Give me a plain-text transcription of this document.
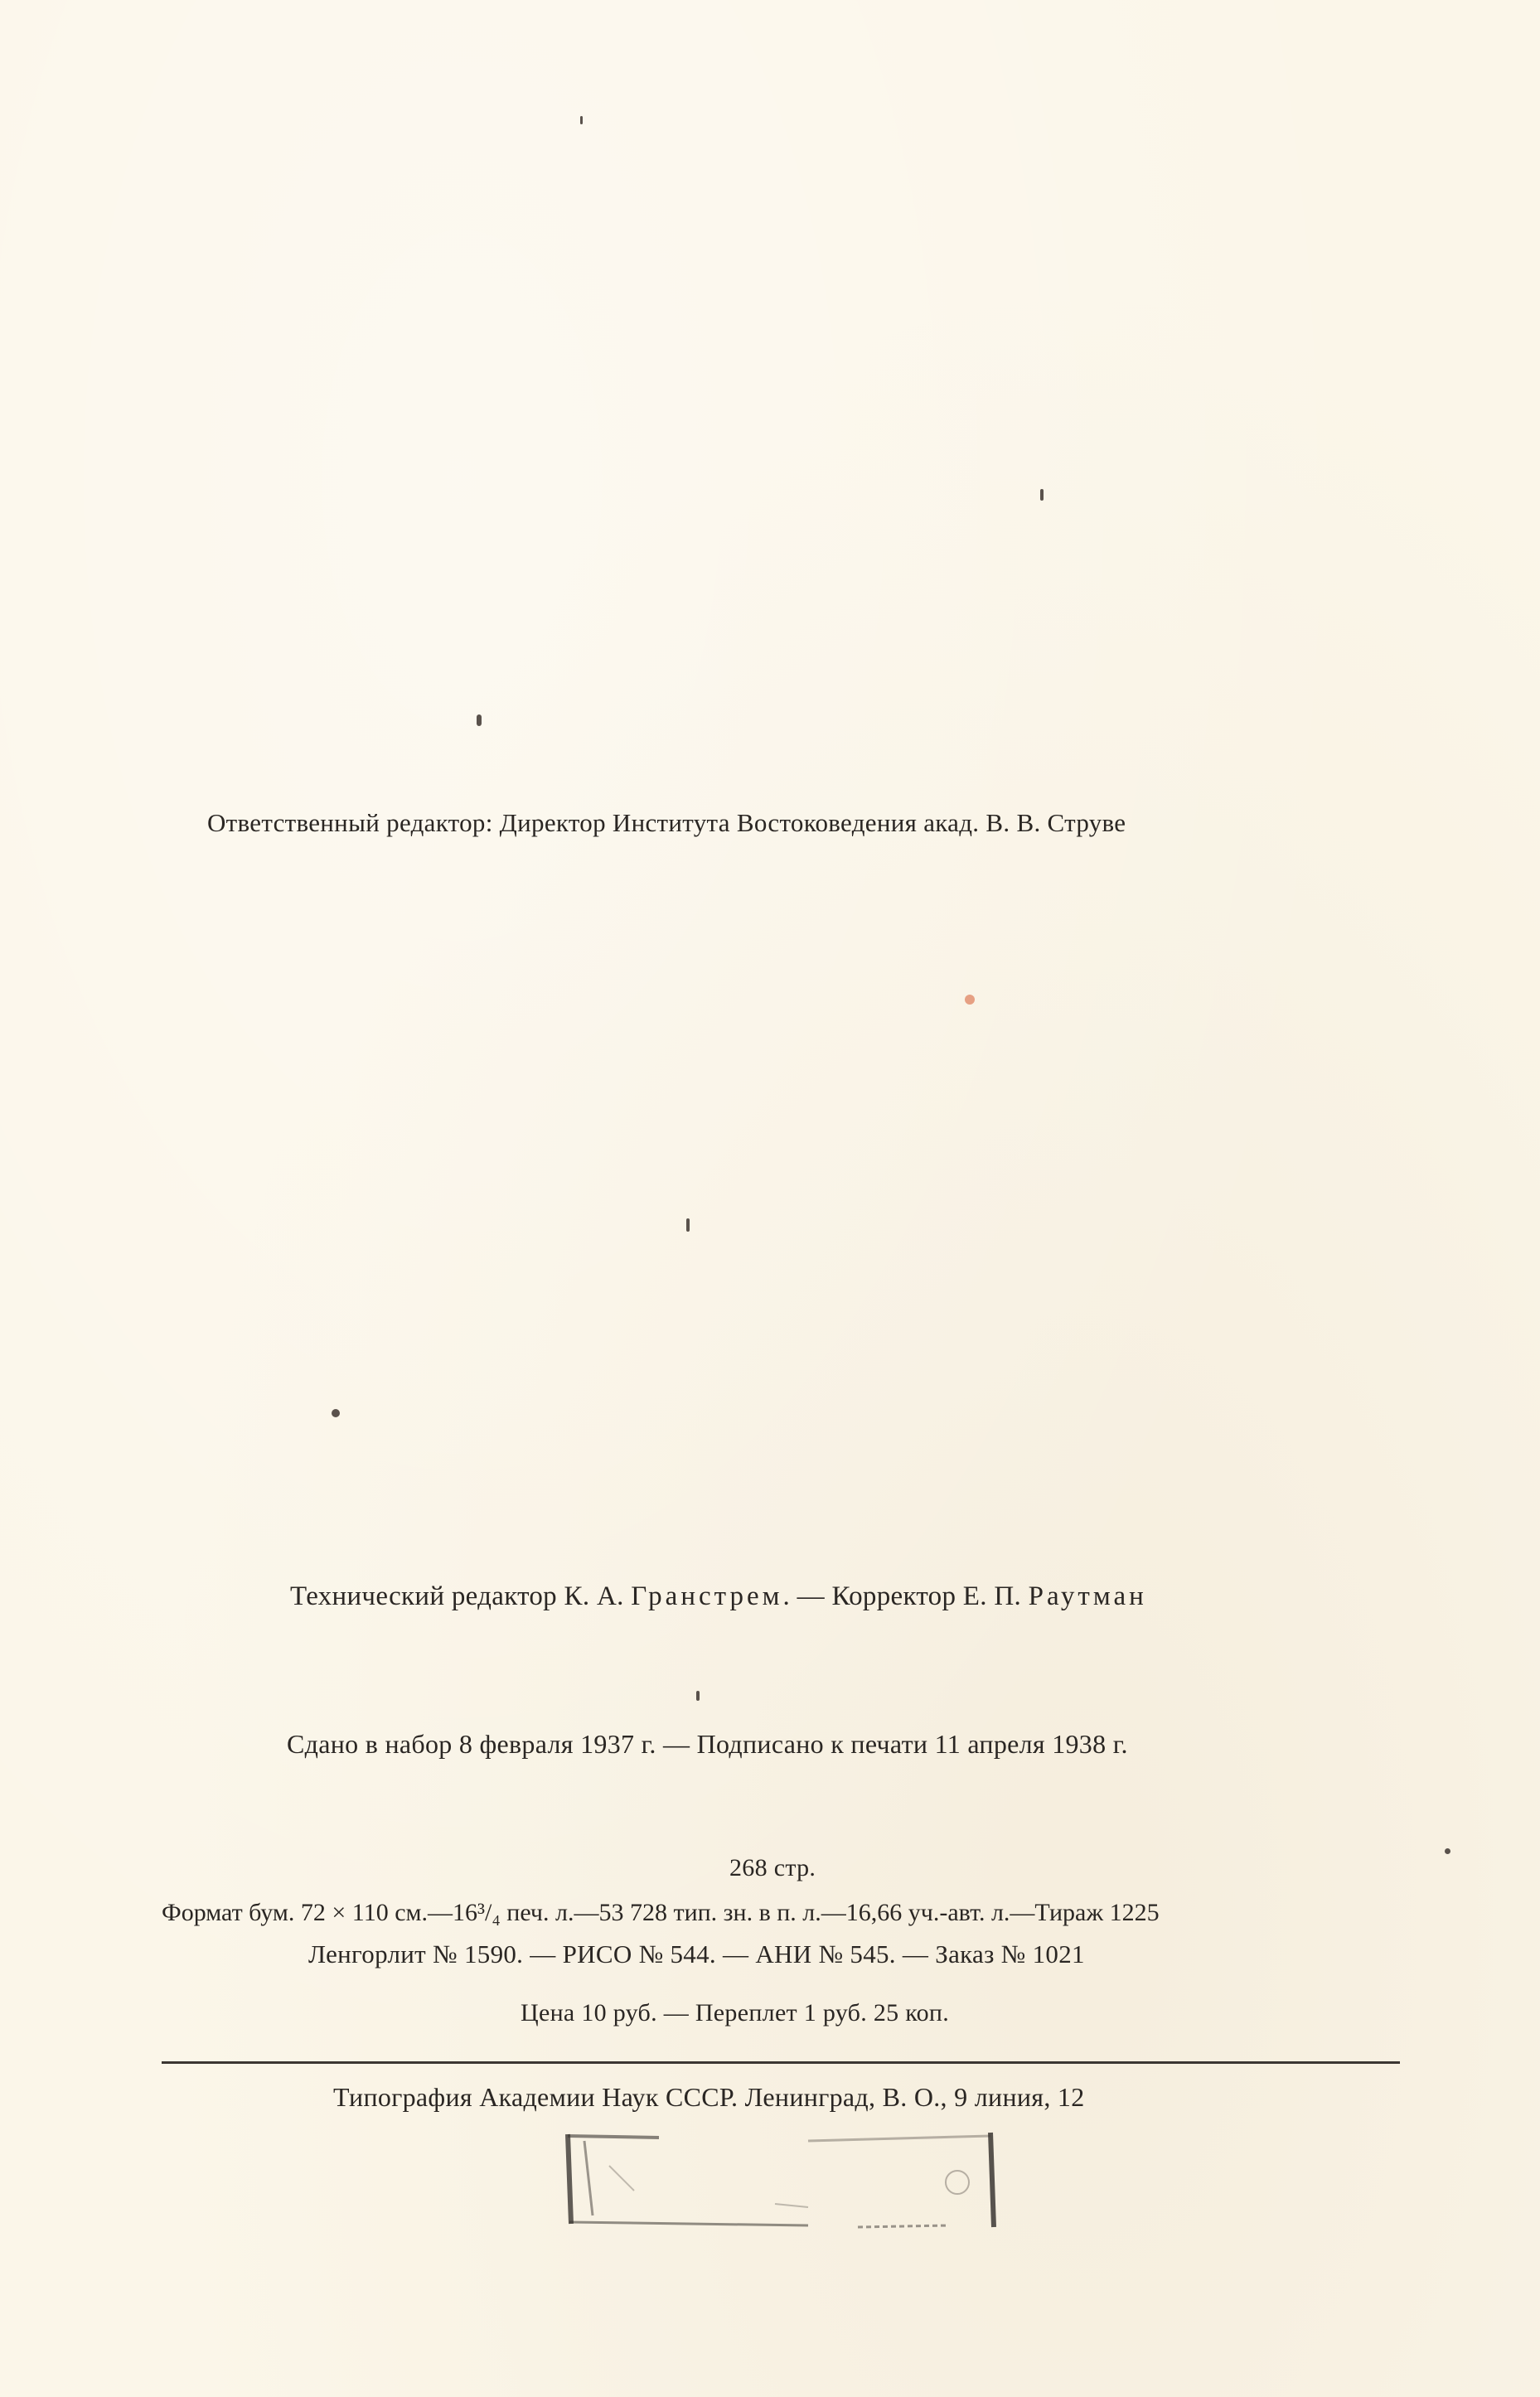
Ответственный редактор: Директор Института Востоковедения акад. В. В. Струве
Технический редактор К. А. Гранстрем. — Корректор Е. П. Раутман
Сдано в набор 8 февраля 1937 г. — Подписано к печати 11 апреля 1938 г.
268 стр.
Формат бум. 72 × 110 см.—16³/₄ печ. л.—53 728 тип. зн. в п. л.—16,66 уч.-авт. л.—Тираж 1225
Ленгорлит № 1590. — РИСО № 544. — АНИ № 545. — Заказ № 1021
Цена 10 руб. — Переплет 1 руб. 25 коп.
Типография Академии Наук СССР. Ленинград, В. О., 9 линия, 12
